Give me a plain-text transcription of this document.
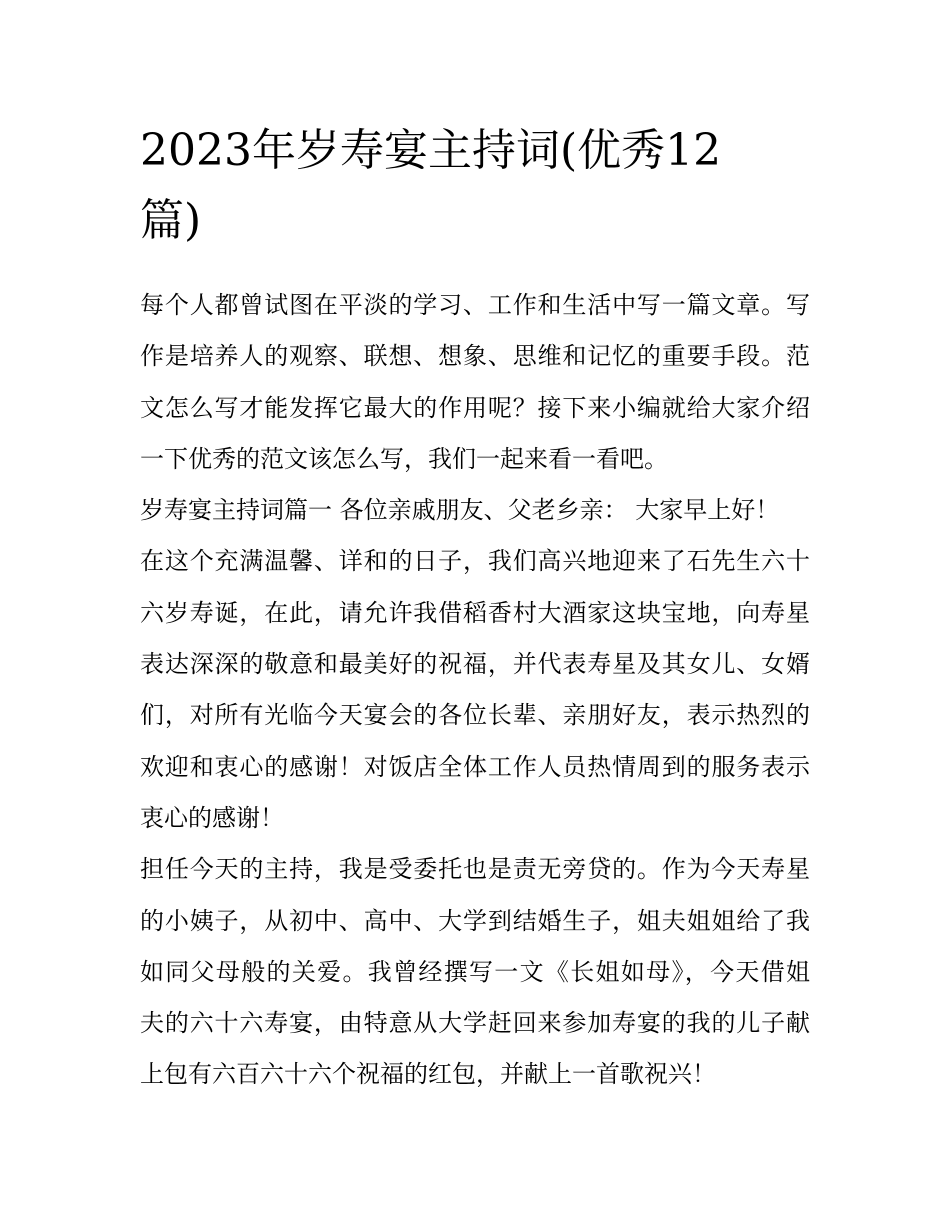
2023年岁寿宴主持词(优秀12
篇)
每个人都曾试图在平淡的学习、工作和生活中写一篇文章。写
作是培养人的观察、联想、想象、思维和记忆的重要手段。范
文怎么写才能发挥它最大的作用呢？接下来小编就给大家介绍
一下优秀的范文该怎么写，我们一起来看一看吧。
岁寿宴主持词篇一 各位亲戚朋友、父老乡亲： 大家早上好！
在这个充满温馨、详和的日子，我们高兴地迎来了石先生六十
六岁寿诞，在此，请允许我借稻香村大酒家这块宝地，向寿星
表达深深的敬意和最美好的祝福，并代表寿星及其女儿、女婿
们，对所有光临今天宴会的各位长辈、亲朋好友，表示热烈的
欢迎和衷心的感谢！对饭店全体工作人员热情周到的服务表示
衷心的感谢！
担任今天的主持，我是受委托也是责无旁贷的。作为今天寿星
的小姨子，从初中、高中、大学到结婚生子，姐夫姐姐给了我
如同父母般的关爱。我曾经撰写一文《长姐如母》，今天借姐
夫的六十六寿宴，由特意从大学赶回来参加寿宴的我的儿子献
上包有六百六十六个祝福的红包，并献上一首歌祝兴！
